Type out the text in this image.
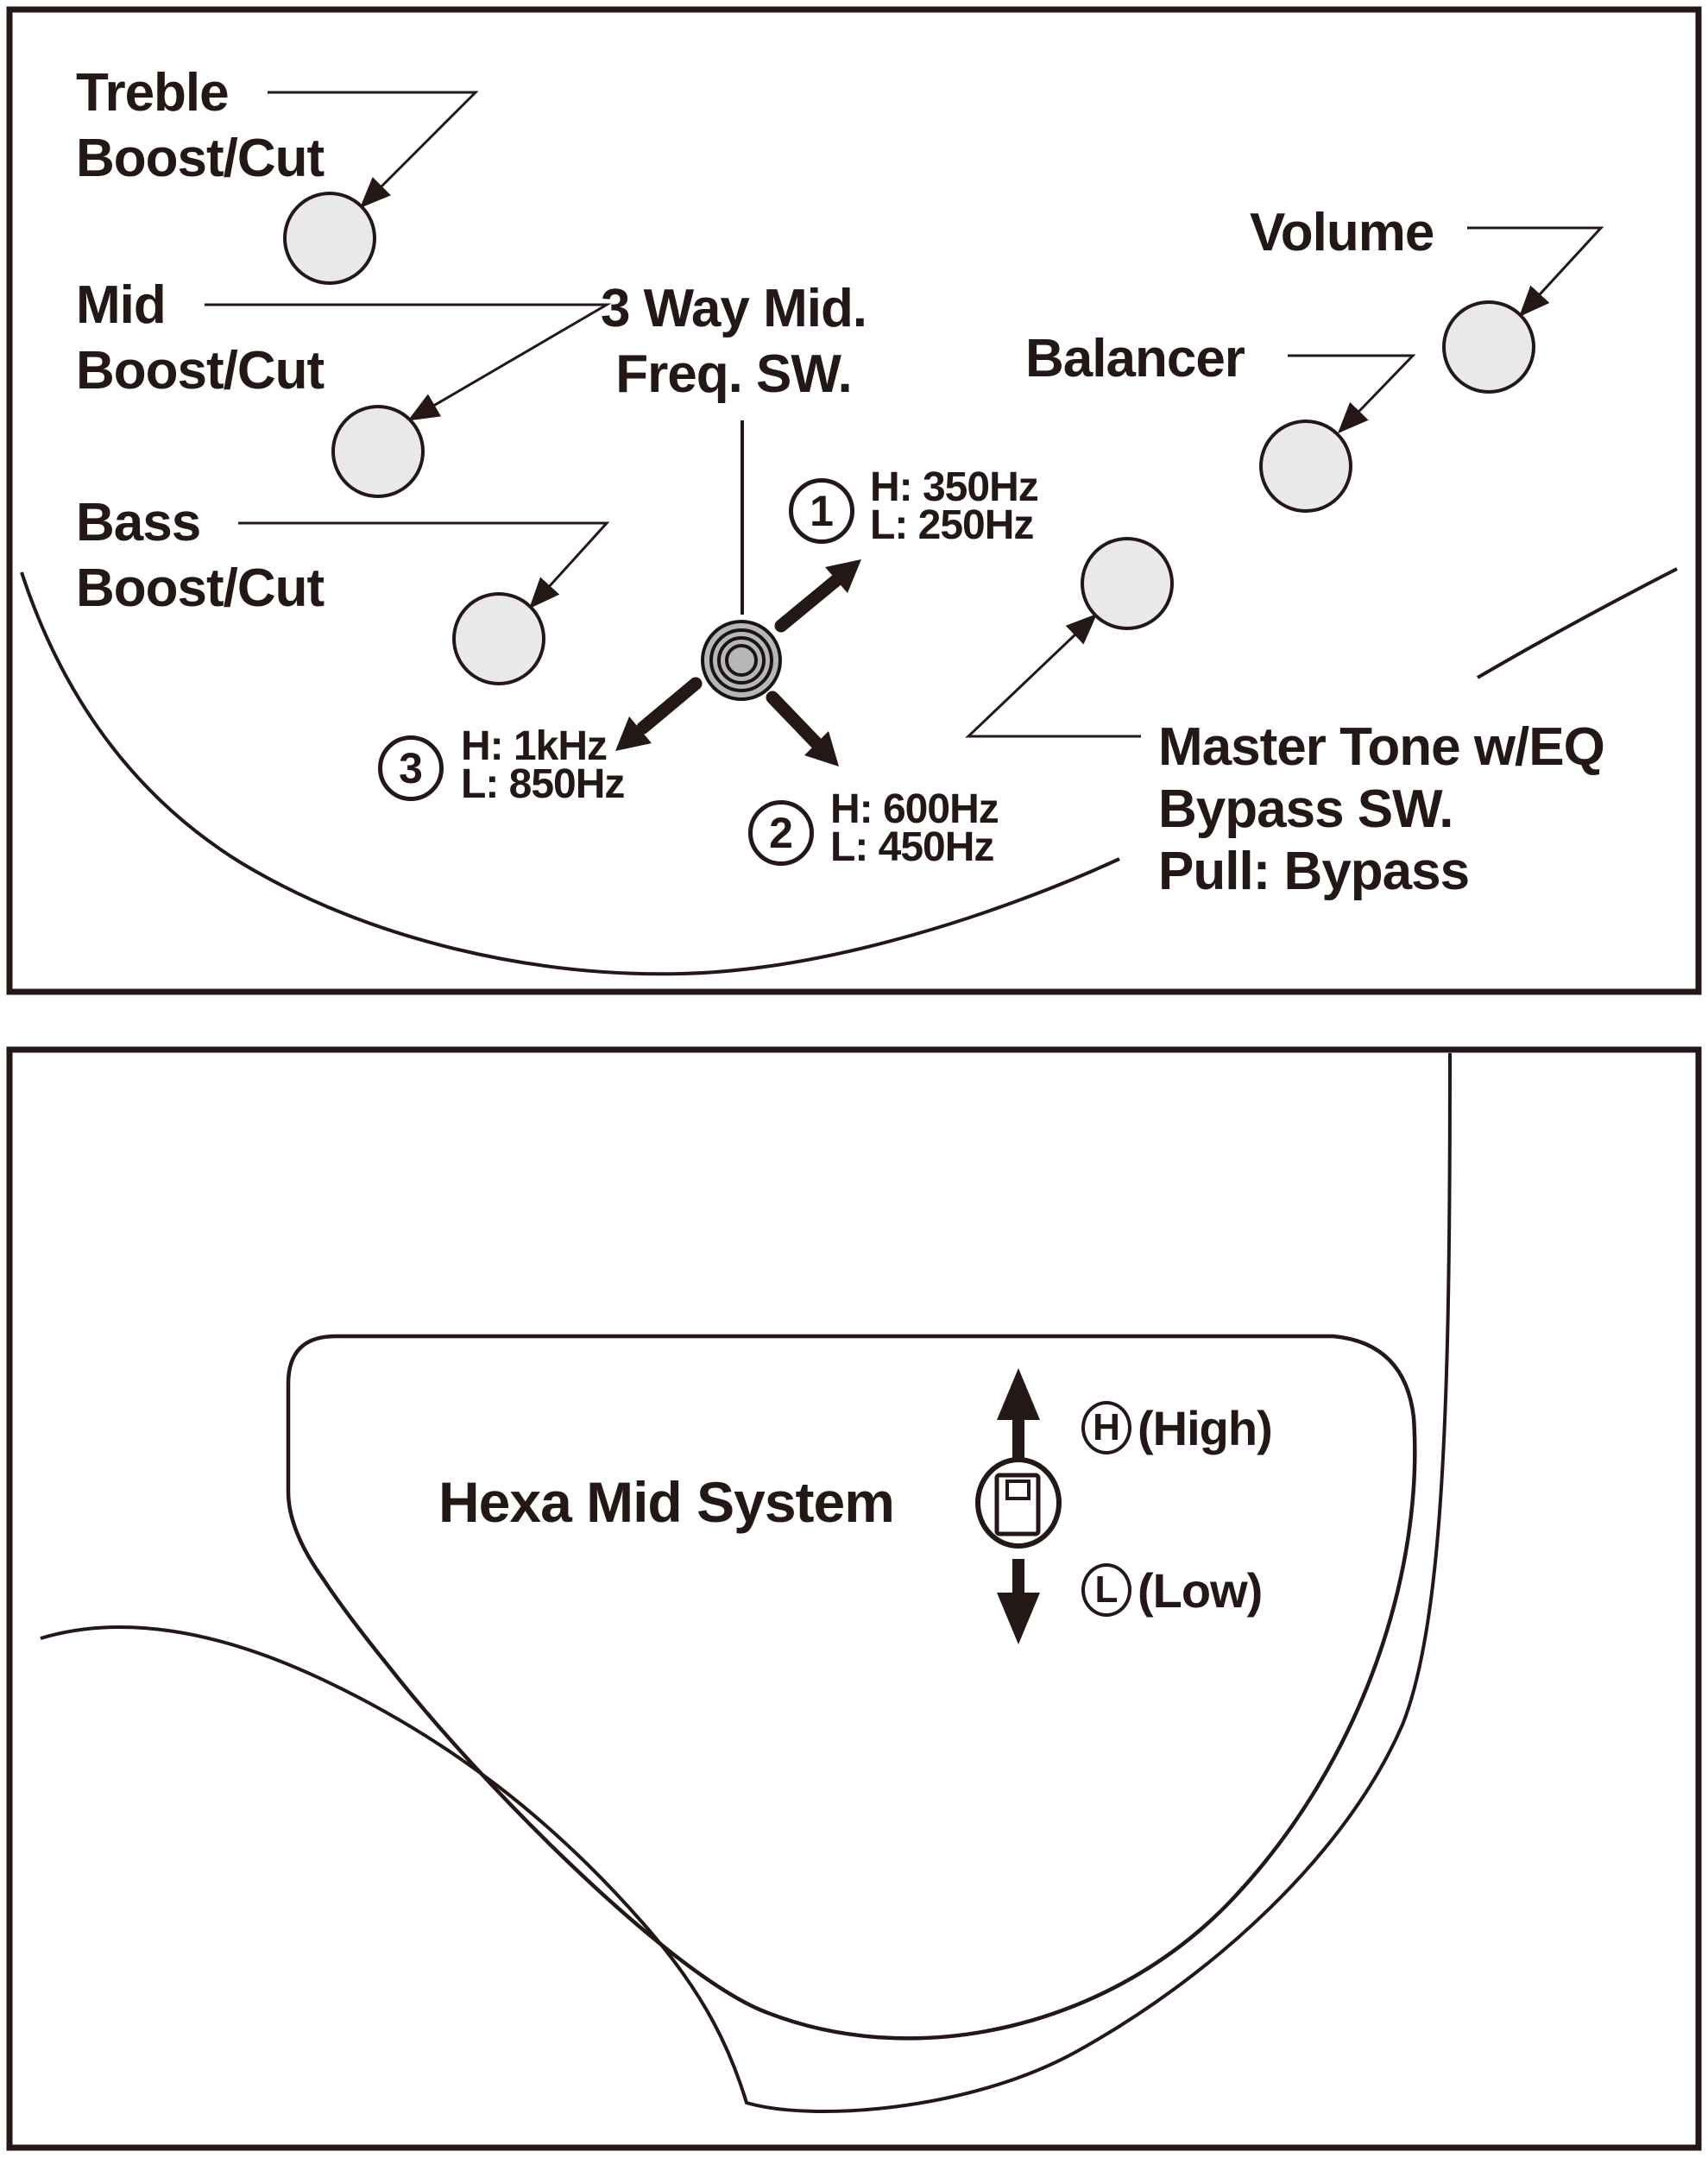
Treble
Boost/Cut
Mid
Boost/Cut
Bass
Boost/Cut
3 Way Mid.
Freq. SW.
Volume
Balancer
Master Tone w/EQ
Bypass SW.
Pull: Bypass
1 H: 350Hz
L: 250Hz
2 H: 600Hz
L: 450Hz
3 H: 1kHz
L: 850Hz
Hexa Mid System
H (High)
L (Low)
